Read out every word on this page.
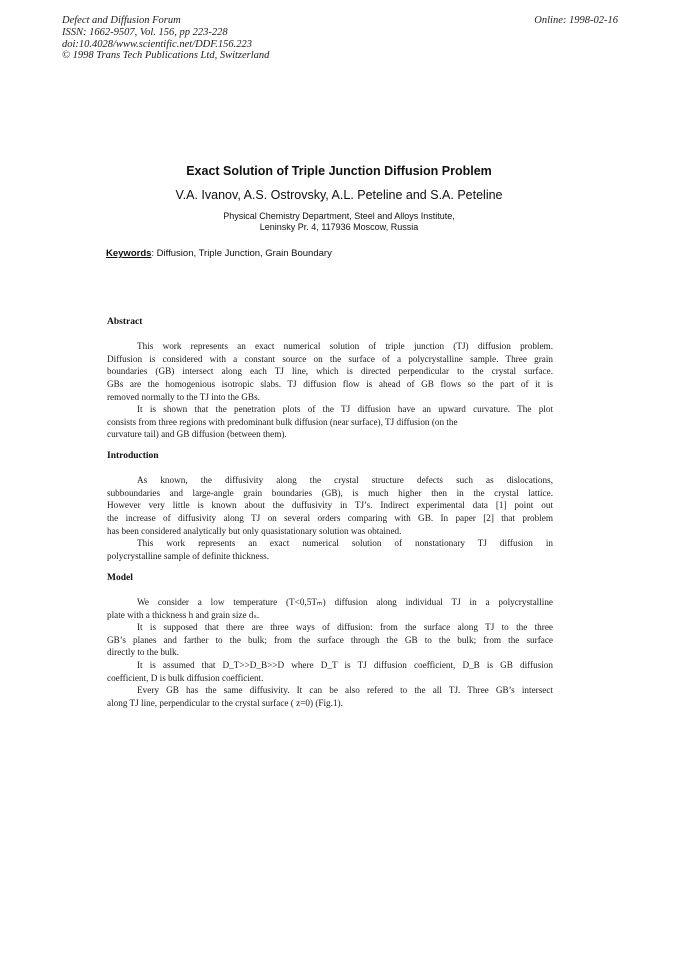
Defect and Diffusion Forum
ISSN: 1662-9507, Vol. 156, pp 223-228
doi:10.4028/www.scientific.net/DDF.156.223
© 1998 Trans Tech Publications Ltd, Switzerland
Online: 1998-02-16
Exact Solution of Triple Junction Diffusion Problem
V.A. Ivanov, A.S. Ostrovsky, A.L. Peteline and S.A. Peteline
Physical Chemistry Department, Steel and Alloys Institute,
Leninsky Pr. 4, 117936 Moscow, Russia
Keywords: Diffusion, Triple Junction, Grain Boundary
Abstract
This work represents an exact numerical solution of triple junction (TJ) diffusion problem.
Diffusion is considered with a constant source on the surface of a polycrystalline sample. Three grain
boundaries (GB) intersect along each TJ line, which is directed perpendicular to the crystal surface.
GBs are the homogenious isotropic slabs. TJ diffusion flow is ahead of GB flows so the part of it is
removed normally to the TJ into the GBs.
It is shown that the penetration plots of the TJ diffusion have an upward curvature. The plot
consists from three regions with predominant bulk diffusion (near surface), TJ diffusion (on the
curvature tail) and GB diffusion (between them).
Introduction
As known, the diffusivity along the crystal structure defects such as dislocations,
subboundaries and large-angle grain boundaries (GB), is much higher then in the crystal lattice.
However very little is known about the duffusivity in TJ’s. Indirect experimental data [1] point out
the increase of diffusivity along TJ on several orders comparing with GB. In paper [2] that problem
has been considered analytically but only quasistationary solution was obtained.
This work represents an exact numerical solution of nonstationary TJ diffusion in
polycrystalline sample of definite thickness.
Model
We consider a low temperature (T<0,5Tₘ) diffusion along individual TJ in a polycrystalline
plate with a thickness h and grain size dₛ.
It is supposed that there are three ways of diffusion: from the surface along TJ to the three
GB’s planes and farther to the bulk; from the surface through the GB to the bulk; from the surface
directly to the bulk.
It is assumed that D_T>>D_B>>D where D_T is TJ diffusion coefficient, D_B is GB diffusion
coefficient, D is bulk diffusion coefficient.
Every GB has the same diffusivity. It can be also refered to the all TJ. Three GB’s intersect
along TJ line, perpendicular to the crystal surface ( z=0) (Fig.1).
